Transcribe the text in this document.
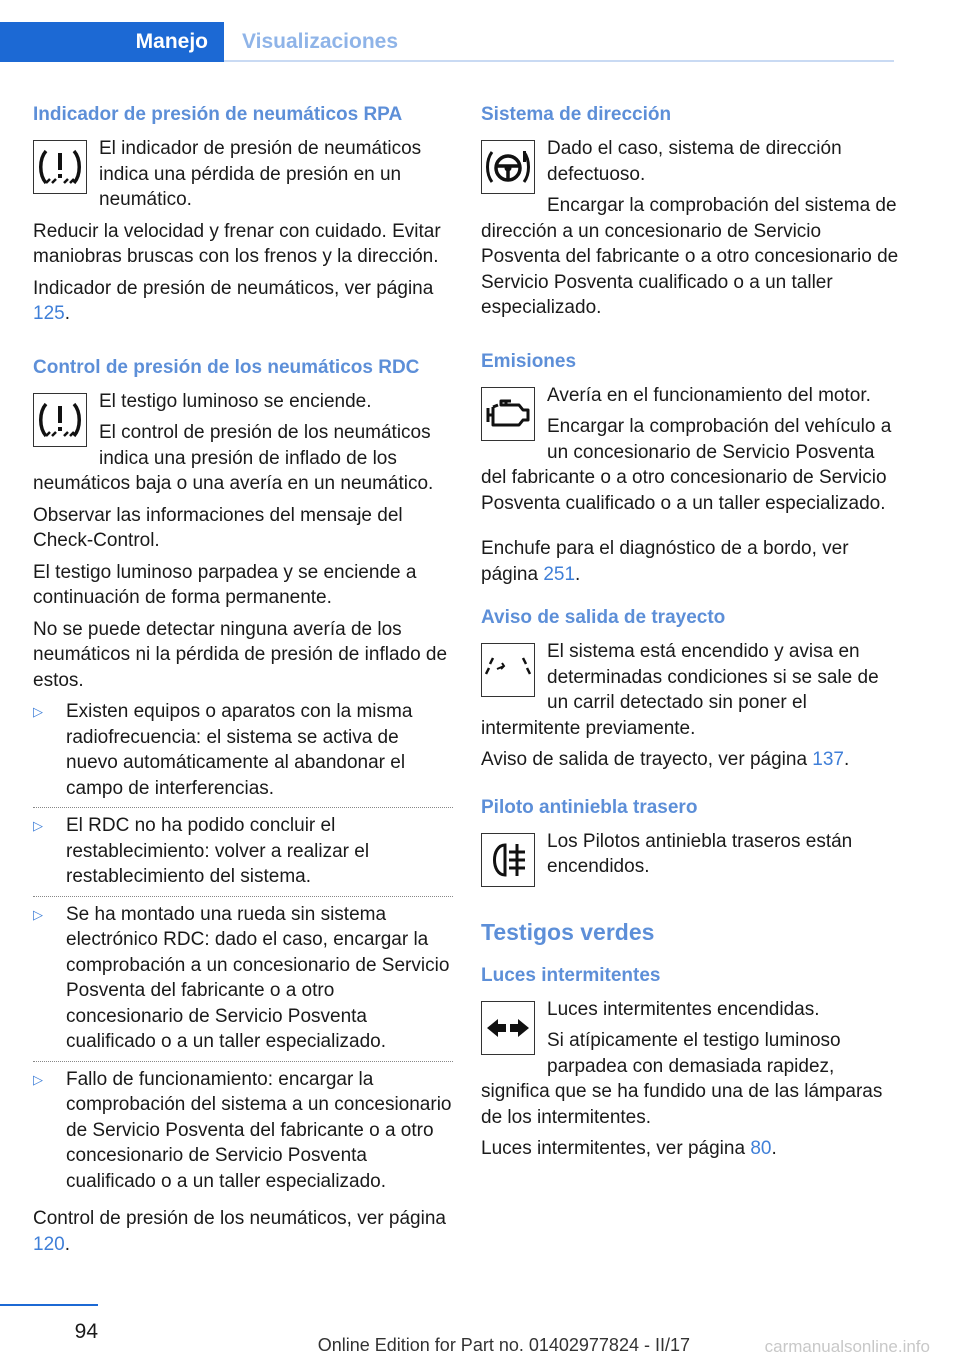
Manejo Visualizaciones
Indicador de presión de neumáticos RPA

El indicador de presión de neumáticos indica una pérdida de presión en un neumático.

Reducir la velocidad y frenar con cuidado. Evitar maniobras bruscas con los frenos y la dirección.

Indicador de presión de neumáticos, ver página 125.

Control de presión de los neumáticos RDC

El testigo luminoso se enciende.

El control de presión de los neumáticos indica una presión de inflado de los neumáticos baja o una avería en un neumático.

Observar las informaciones del mensaje del Check-Control.

El testigo luminoso parpadea y se enciende a continuación de forma permanente.

No se puede detectar ninguna avería de los neumáticos ni la pérdida de presión de inflado de estos.

▷ Existen equipos o aparatos con la misma radiofrecuencia: el sistema se activa de nuevo automáticamente al abandonar el campo de interferencias.
▷ El RDC no ha podido concluir el restablecimiento: volver a realizar el restablecimiento del sistema.
▷ Se ha montado una rueda sin sistema electrónico RDC: dado el caso, encargar la comprobación a un concesionario de Servicio Posventa del fabricante o a otro concesionario de Servicio Posventa cualificado o a un taller especializado.
▷ Fallo de funcionamiento: encargar la comprobación del sistema a un concesionario de Servicio Posventa del fabricante o a otro concesionario de Servicio Posventa cualificado o a un taller especializado.

Control de presión de los neumáticos, ver página 120.

Sistema de dirección

Dado el caso, sistema de dirección defectuoso.

Encargar la comprobación del sistema de dirección a un concesionario de Servicio Posventa del fabricante o a otro concesionario de Servicio Posventa cualificado o a un taller especializado.

Emisiones

Avería en el funcionamiento del motor.

Encargar la comprobación del vehículo a un concesionario de Servicio Posventa del fabricante o a otro concesionario de Servicio Posventa cualificado o a un taller especializado.

Enchufe para el diagnóstico de a bordo, ver página 251.

Aviso de salida de trayecto

El sistema está encendido y avisa en determinadas condiciones si se sale de un carril detectado sin poner el intermitente previamente.

Aviso de salida de trayecto, ver página 137.

Piloto antiniebla trasero

Los Pilotos antiniebla traseros están encendidos.

Testigos verdes
Luces intermitentes

Luces intermitentes encendidas.

Si atípicamente el testigo luminoso parpadea con demasiada rapidez, significa que se ha fundido una de las lámparas de los intermitentes.

Luces intermitentes, ver página 80.

94
Online Edition for Part no. 01402977824 - II/17	carmanualsonline.info
